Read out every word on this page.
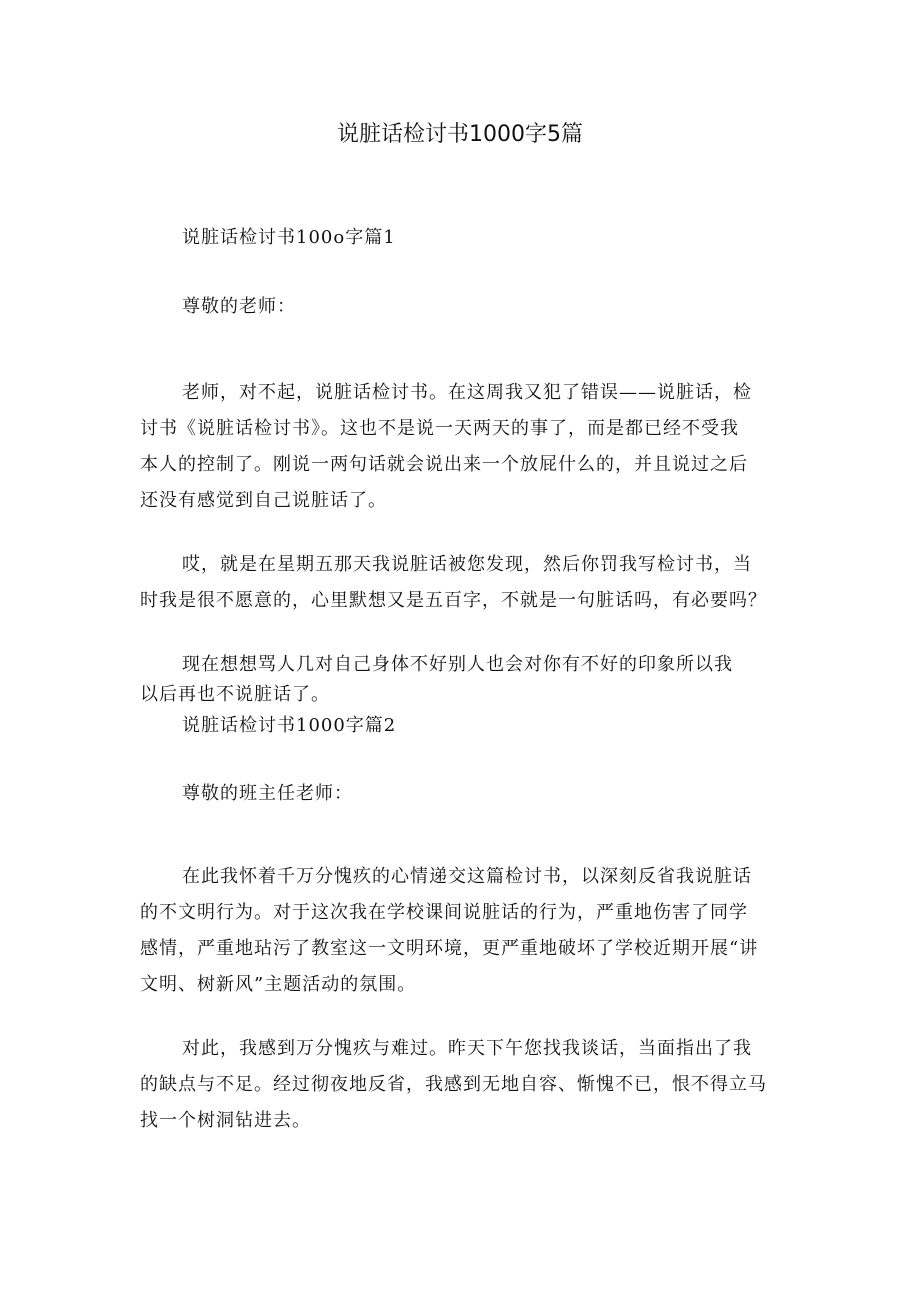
说脏话检讨书1000字5篇
说脏话检讨书100o字篇1
尊敬的老师：
老师，对不起，说脏话检讨书。在这周我又犯了错误——说脏话，检
讨书《说脏话检讨书》。这也不是说一天两天的事了，而是都已经不受我
本人的控制了。刚说一两句话就会说出来一个放屁什么的，并且说过之后
还没有感觉到自己说脏话了。
哎，就是在星期五那天我说脏话被您发现，然后你罚我写检讨书，当
时我是很不愿意的，心里默想又是五百字，不就是一句脏话吗，有必要吗？
现在想想骂人几对自己身体不好别人也会对你有不好的印象所以我
以后再也不说脏话了。
说脏话检讨书1000字篇2
尊敬的班主任老师：
在此我怀着千万分愧疚的心情递交这篇检讨书，以深刻反省我说脏话
的不文明行为。对于这次我在学校课间说脏话的行为，严重地伤害了同学
感情，严重地玷污了教室这一文明环境，更严重地破坏了学校近期开展“讲
文明、树新风”主题活动的氛围。
对此，我感到万分愧疚与难过。昨天下午您找我谈话，当面指出了我
的缺点与不足。经过彻夜地反省，我感到无地自容、惭愧不已，恨不得立马
找一个树洞钻进去。
